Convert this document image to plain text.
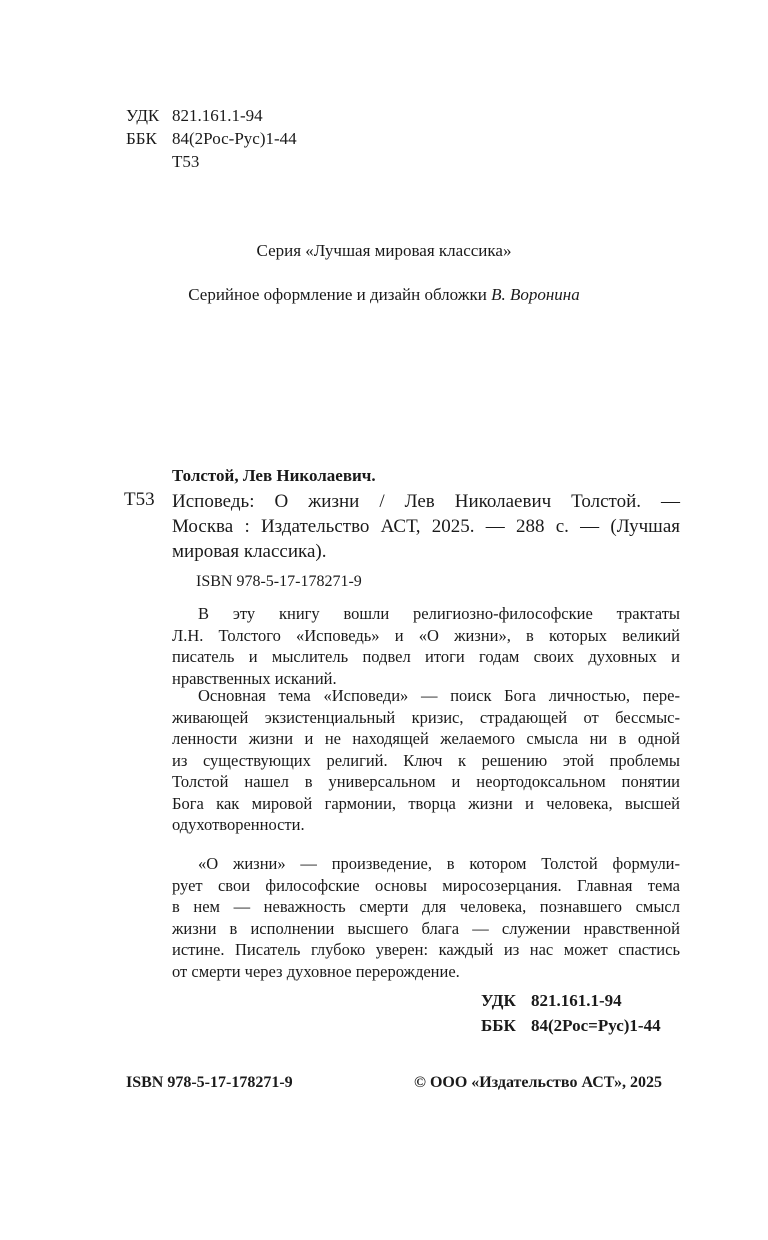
УДК 821.161.1-94
ББК 84(2Рос-Рус)1-44
Т53
Серия «Лучшая мировая классика»
Серийное оформление и дизайн обложки В. Воронина
Толстой, Лев Николаевич.
Т53 Исповедь: О жизни / Лев Николаевич Толстой. —
Москва : Издательство АСТ, 2025. — 288 с. — (Лучшая
мировая классика).
ISBN 978-5-17-178271-9
В эту книгу вошли религиозно-философские трактаты
Л.Н. Толстого «Исповедь» и «О жизни», в которых великий
писатель и мыслитель подвел итоги годам своих духовных и
нравственных исканий.
Основная тема «Исповеди» — поиск Бога личностью, пере-
живающей экзистенциальный кризис, страдающей от бессмыс-
ленности жизни и не находящей желаемого смысла ни в одной
из существующих религий. Ключ к решению этой проблемы
Толстой нашел в универсальном и неортодоксальном понятии
Бога как мировой гармонии, творца жизни и человека, высшей
одухотворенности.
«О жизни» — произведение, в котором Толстой формули-
рует свои философские основы миросозерцания. Главная тема
в нем — неважность смерти для человека, познавшего смысл
жизни в исполнении высшего блага — служении нравственной
истине. Писатель глубоко уверен: каждый из нас может спастись
от смерти через духовное перерождение.
УДК 821.161.1-94
ББК 84(2Рос=Рус)1-44
ISBN 978-5-17-178271-9	© ООО «Издательство АСТ», 2025
